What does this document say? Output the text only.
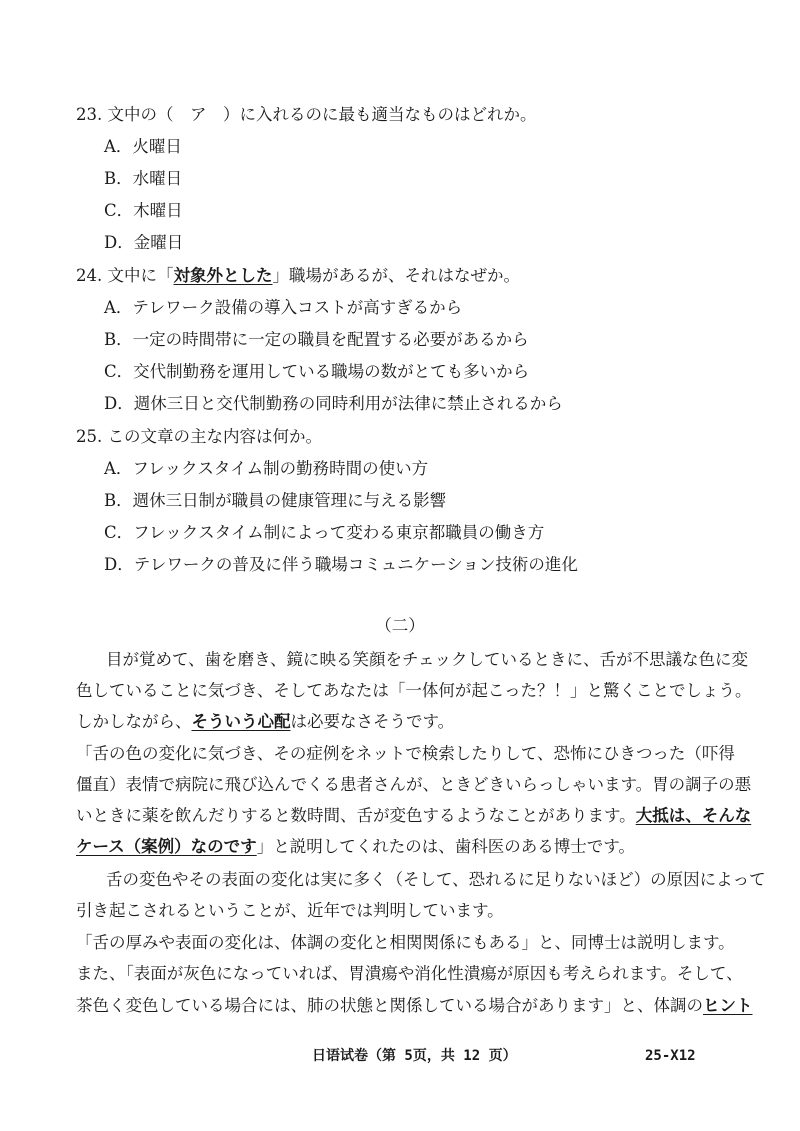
23. 文中の（　ア　）に入れるのに最も適当なものはどれか。
A．火曜日
B．水曜日
C．木曜日
D．金曜日
24. 文中に「対象外とした」職場があるが、それはなぜか。
A．テレワーク設備の導入コストが高すぎるから
B．一定の時間帯に一定の職員を配置する必要があるから
C．交代制勤務を運用している職場の数がとても多いから
D．週休三日と交代制勤務の同時利用が法律に禁止されるから
25. この文章の主な内容は何か。
A．フレックスタイム制の勤務時間の使い方
B．週休三日制が職員の健康管理に与える影響
C．フレックスタイム制によって変わる東京都職員の働き方
D．テレワークの普及に伴う職場コミュニケーション技術の進化
（二）
目が覚めて、歯を磨き、鏡に映る笑顔をチェックしているときに、舌が不思議な色に変
色していることに気づき、そしてあなたは「一体何が起こった？！」と驚くことでしょう。
しかしながら、そういう心配は必要なさそうです。
「舌の色の変化に気づき、その症例をネットで検索したりして、恐怖にひきつった（吓得
僵直）表情で病院に飛び込んでくる患者さんが、ときどきいらっしゃいます。胃の調子の悪
いときに薬を飲んだりすると数時間、舌が変色するようなことがあります。大抵は、そんな
ケース（案例）なのです」と説明してくれたのは、歯科医のある博士です。
舌の変色やその表面の変化は実に多く（そして、恐れるに足りないほど）の原因によって
引き起こされるということが、近年では判明しています。
「舌の厚みや表面の変化は、体調の変化と相関関係にもある」と、同博士は説明します。
また、「表面が灰色になっていれば、胃潰瘍や消化性潰瘍が原因も考えられます。そして、
茶色く変色している場合には、肺の状態と関係している場合があります」と、体調のヒント
日语试卷（第 5页，共 12 页）	25-X12
